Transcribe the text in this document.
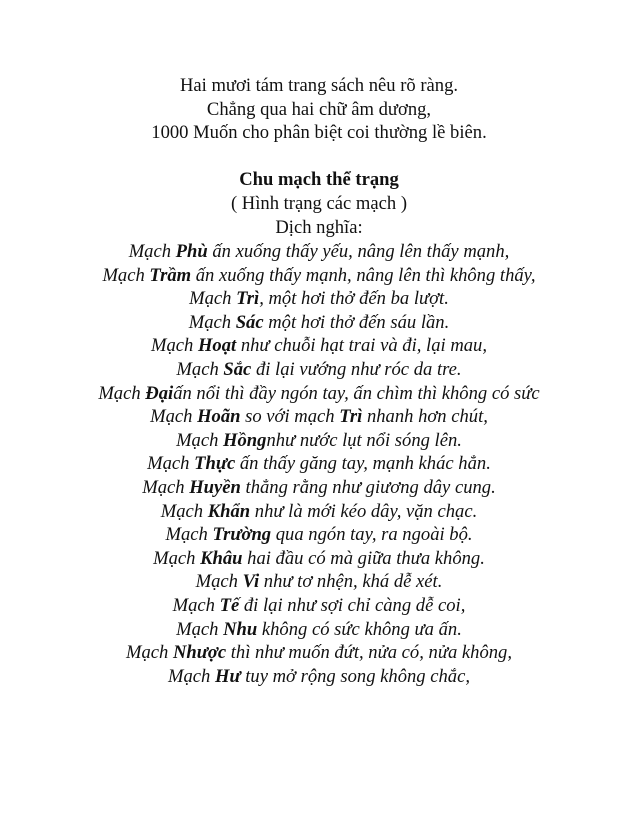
Hai mươi tám trang sách nêu rõ ràng.
Chẳng qua hai chữ âm dương,
1000 Muốn cho phân biệt coi thường lề biên.
Chu mạch thể trạng
( Hình trạng các mạch )
Dịch nghĩa:
Mạch Phù ấn xuống thấy yếu, nâng lên thấy mạnh,
Mạch Trầm ấn xuống thấy mạnh, nâng lên thì không thấy,
Mạch Trì, một hơi thở đến ba lượt.
Mạch Sác một hơi thở đến sáu lần.
Mạch Hoạt như chuỗi hạt trai và đi, lại mau,
Mạch Sắc đi lại vướng như róc da tre.
Mạch Đạiấn nổi thì đầy ngón tay, ấn chìm thì không có sức
Mạch Hoãn so với mạch Trì nhanh hơn chút,
Mạch Hồngnhư nước lụt nổi sóng lên.
Mạch Thực ấn thấy găng tay, mạnh khác hẳn.
Mạch Huyền thẳng rằng như giương dây cung.
Mạch Khẩn như là mới kéo dây, vặn chạc.
Mạch Trường qua ngón tay, ra ngoài bộ.
Mạch Khâu hai đầu có mà giữa thưa không.
Mạch Vi như tơ nhện, khá dễ xét.
Mạch Tế đi lại như sợi chỉ càng dễ coi,
Mạch Nhu không có sức không ưa ấn.
Mạch Nhược thì như muốn đứt, nửa có, nửa không,
Mạch Hư tuy mở rộng song không chắc,
